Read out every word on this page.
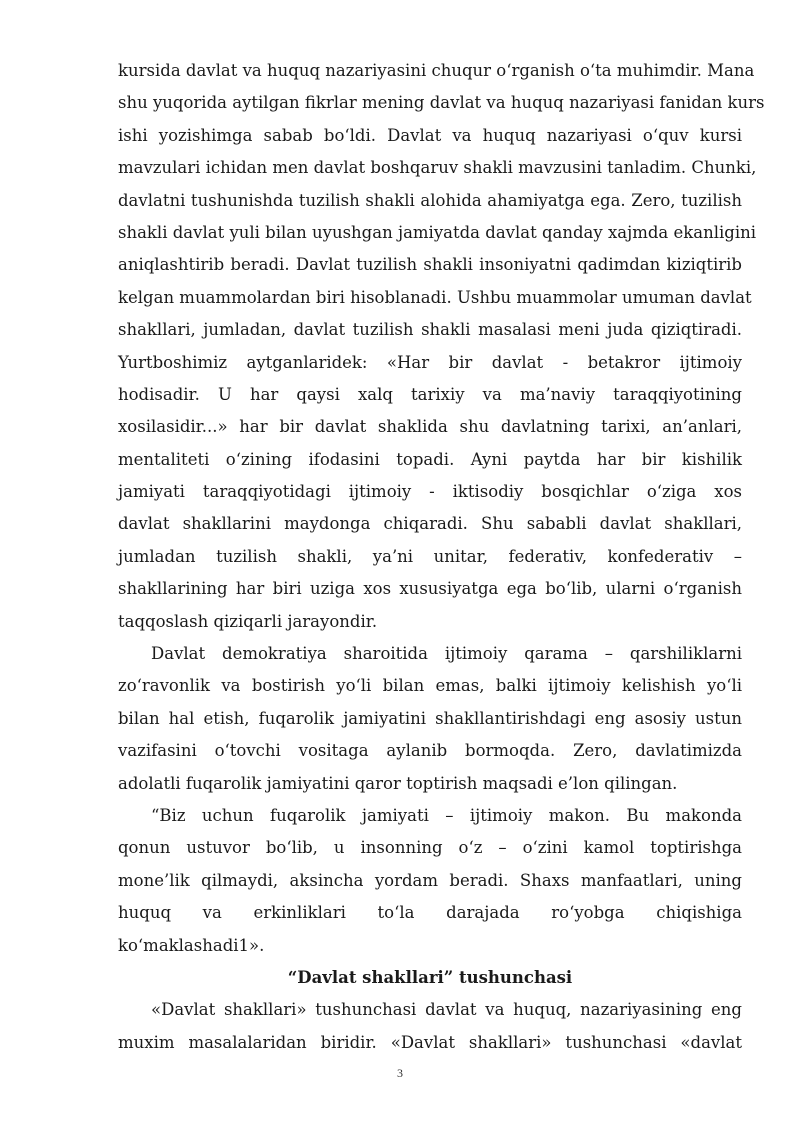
kursida davlat va huquq nazariyasini chuqur o‘rganish o‘ta muhimdir. Mana
shu yuqorida aytilgan fikrlar mening davlat va huquq nazariyasi fanidan kurs
ishi yozishimga sabab bo‘ldi. Davlat va huquq nazariyasi o‘quv kursi
mavzulari ichidan men davlat boshqaruv shakli mavzusini tanladim. Chunki,
davlatni tushunishda tuzilish shakli alohida ahamiyatga ega. Zero, tuzilish
shakli davlat yuli bilan uyushgan jamiyatda davlat qanday xajmda ekanligini
aniqlashtirib beradi. Davlat tuzilish shakli insoniyatni qadimdan kiziqtirib
kelgan muammolardan biri hisoblanadi. Ushbu muammolar umuman davlat
shakllari, jumladan, davlat tuzilish shakli masalasi meni juda qiziqtiradi.
Yurtboshimiz aytganlaridek: «Har bir davlat - betakror ijtimoiy
hodisadir. U har qaysi xalq tarixiy va ma’naviy taraqqiyotining
xosilasidir...» har bir davlat shaklida shu davlatning tarixi, an’anlari,
mentaliteti o‘zining ifodasini topadi. Ayni paytda har bir kishilik
jamiyati taraqqiyotidagi ijtimoiy - iktisodiy bosqichlar o‘ziga xos
davlat shakllarini maydonga chiqaradi. Shu sababli davlat shakllari,
jumladan tuzilish shakli, ya’ni unitar, federativ, konfederativ –
shakllarining har biri uziga xos xususiyatga ega bo‘lib, ularni o‘rganish
taqqoslash qiziqarli jarayondir.
Davlat demokratiya sharoitida ijtimoiy qarama – qarshiliklarni
zo‘ravonlik va bostirish yo‘li bilan emas, balki ijtimoiy kelishish yo‘li
bilan hal etish, fuqarolik jamiyatini shakllantirishdagi eng asosiy ustun
vazifasini o‘tovchi vositaga aylanib bormoqda. Zero, davlatimizda
adolatli fuqarolik jamiyatini qaror toptirish maqsadi e’lon qilingan.
“Biz uchun fuqarolik jamiyati – ijtimoiy makon. Bu makonda
qonun ustuvor bo‘lib, u insonning o‘z – o‘zini kamol toptirishga
mone’lik qilmaydi, aksincha yordam beradi. Shaxs manfaatlari, uning
huquq va erkinliklari to‘la darajada ro‘yobga chiqishiga
ko‘maklashadi1».
“Davlat shakllari” tushunchasi
«Davlat shakllari» tushunchasi davlat va huquq, nazariyasining eng
muxim masalalaridan biridir. «Davlat shakllari» tushunchasi «davlat
3
